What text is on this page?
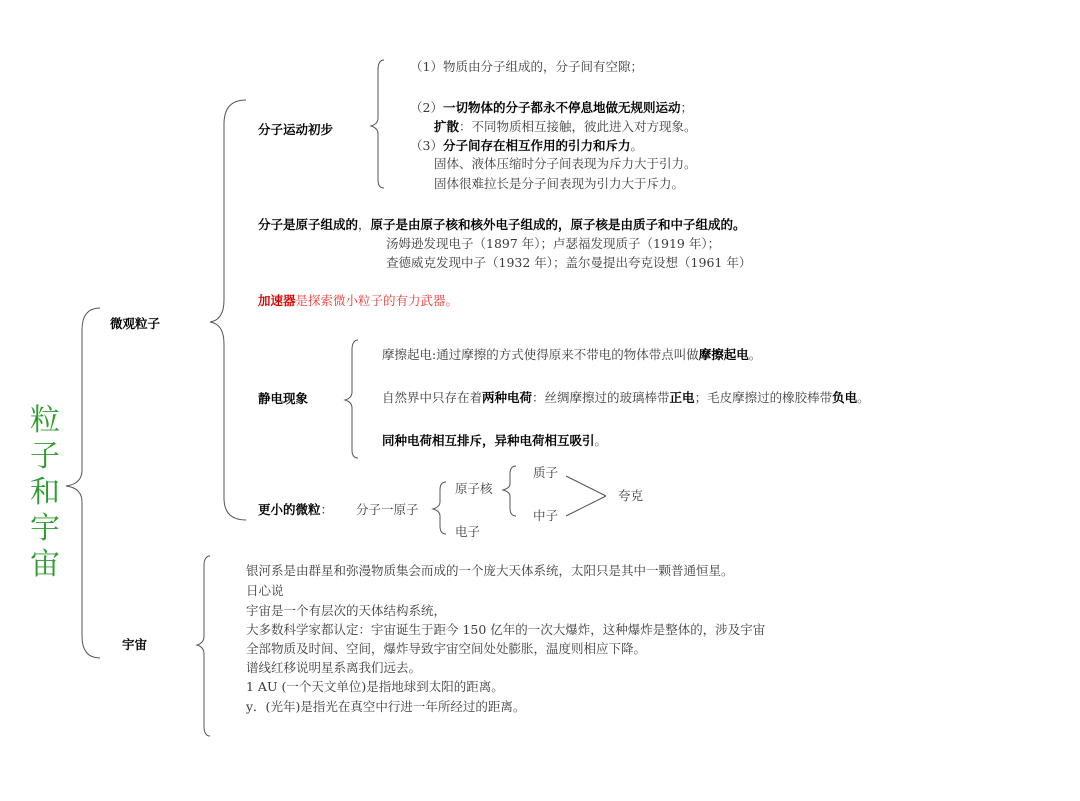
粒子和宇宙
微观粒子
宇宙
分子运动初步
（1）物质由分子组成的，分子间有空隙；
（2）一切物体的分子都永不停息地做无规则运动；
扩散：不同物质相互接触，彼此进入对方现象。
（3）分子间存在相互作用的引力和斥力。
固体、液体压缩时分子间表现为斥力大于引力。
固体很难拉长是分子间表现为引力大于斥力。
分子是原子组成的，原子是由原子核和核外电子组成的，原子核是由质子和中子组成的。
汤姆逊发现电子（1897 年）；卢瑟福发现质子（1919 年）；
查德威克发现中子（1932 年）；盖尔曼提出夸克设想（1961 年）
加速器是探索微小粒子的有力武器。
静电现象
摩擦起电:通过摩擦的方式使得原来不带电的物体带点叫做摩擦起电。
自然界中只存在着两种电荷：丝绸摩擦过的玻璃棒带正电；毛皮摩擦过的橡胶棒带负电。
同种电荷相互排斥，异种电荷相互吸引。
更小的微粒： 分子一原子
原子核
电子
质子
中子
夸克
银河系是由群星和弥漫物质集会而成的一个庞大天体系统，太阳只是其中一颗普通恒星。
日心说
宇宙是一个有层次的天体结构系统，
大多数科学家都认定：宇宙诞生于距今 150 亿年的一次大爆炸，这种爆炸是整体的，涉及宇宙
全部物质及时间、空间，爆炸导致宇宙空间处处膨胀，温度则相应下降。
谱线红移说明星系离我们远去。
1 AU (一个天文单位)是指地球到太阳的距离。
y．(光年)是指光在真空中行进一年所经过的距离。
